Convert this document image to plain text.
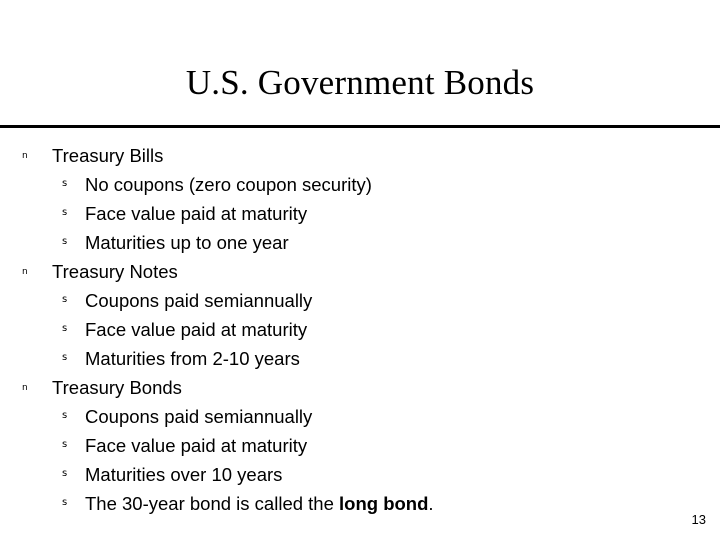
U.S. Government Bonds
n Treasury Bills
s No coupons (zero coupon security)
s Face value paid at maturity
s Maturities up to one year
n Treasury Notes
s Coupons paid semiannually
s Face value paid at maturity
s Maturities from 2-10 years
n Treasury Bonds
s Coupons paid semiannually
s Face value paid at maturity
s Maturities over 10 years
s The 30-year bond is called the long bond.
13
